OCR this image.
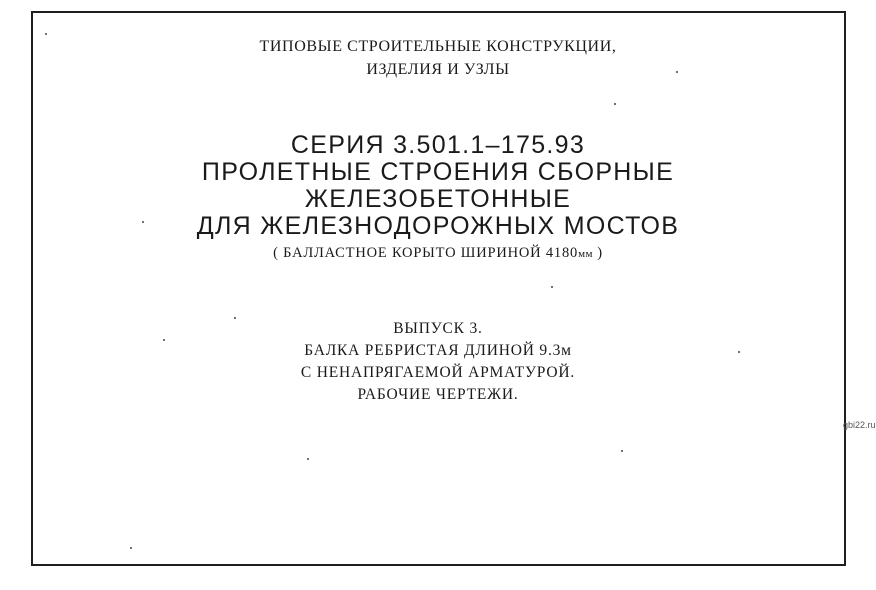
ТИПОВЫЕ СТРОИТЕЛЬНЫЕ КОНСТРУКЦИИ,
ИЗДЕЛИЯ И УЗЛЫ
СЕРИЯ 3.501.1–175.93
ПРОЛЕТНЫЕ СТРОЕНИЯ СБОРНЫЕ
ЖЕЛЕЗОБЕТОННЫЕ
ДЛЯ ЖЕЛЕЗНОДОРОЖНЫХ МОСТОВ
( БАЛЛАСТНОЕ КОРЫТО ШИРИНОЙ 4180мм )
ВЫПУСК 3.
БАЛКА РЕБРИСТАЯ ДЛИНОЙ 9.3м
С НЕНАПРЯГАЕМОЙ АРМАТУРОЙ.
РАБОЧИЕ ЧЕРТЕЖИ.
gbi22.ru
